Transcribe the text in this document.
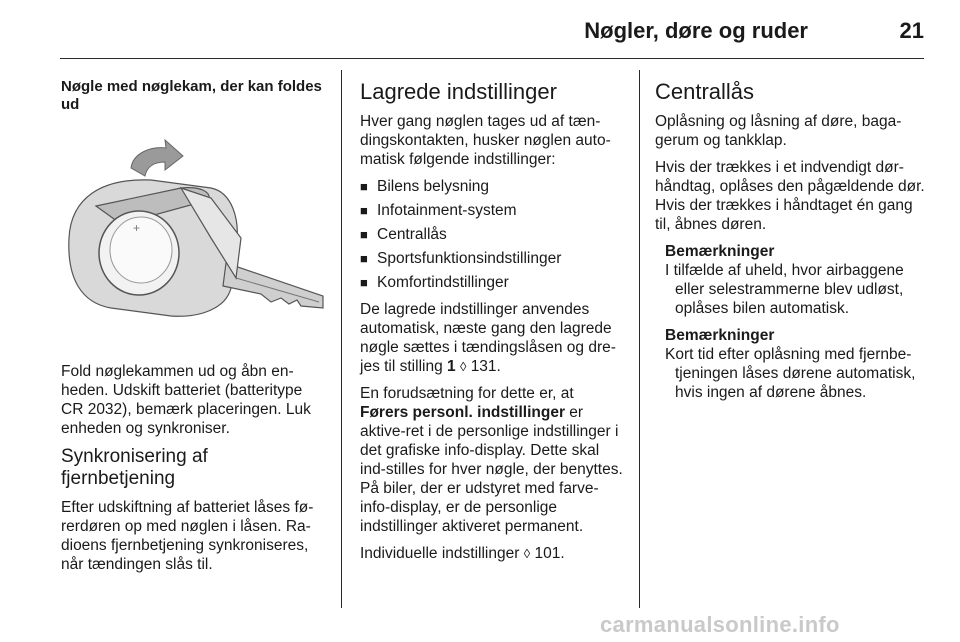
Nøgler, døre og ruder	21

Nøgle med nøglekam, der kan foldes ud

+

Fold nøglekammen ud og åbn en-heden. Udskift batteriet (batteritype CR 2032), bemærk placeringen. Luk enheden og synkroniser.

Synkronisering af fjernbetjening

Efter udskiftning af batteriet låses fø-rerdøren op med nøglen i låsen. Ra-dioens fjernbetjening synkroniseres, når tændingen slås til.

Lagrede indstillinger

Hver gang nøglen tages ud af tæn-dingskontakten, husker nøglen auto-matisk følgende indstillinger:

■ Bilens belysning
■ Infotainment-system
■ Centrallås
■ Sportsfunktionsindstillinger
■ Komfortindstillinger

De lagrede indstillinger anvendes automatisk, næste gang den lagrede nøgle sættes i tændingslåsen og dre-jes til stilling 1 ◊ 131.

En forudsætning for dette er, at
Førers personl. indstillinger er aktive-ret i de personlige indstillinger i det grafiske info-display. Dette skal ind-stilles for hver nøgle, der benyttes. På biler, der er udstyret med farve-info-display, er de personlige indstillinger aktiveret permanent.

Individuelle indstillinger ◊ 101.

Centrallås

Oplåsning og låsning af døre, baga-gerum og tankklap.

Hvis der trækkes i et indvendigt dør-håndtag, oplåses den pågældende dør. Hvis der trækkes i håndtaget én gang til, åbnes døren.

Bemærkninger

I tilfælde af uheld, hvor airbaggene
eller selestrammerne blev udløst, oplåses bilen automatisk.

Bemærkninger

Kort tid efter oplåsning med fjernbe-
tjeningen låses dørene automatisk, hvis ingen af dørene åbnes.

carmanualsonline.info
